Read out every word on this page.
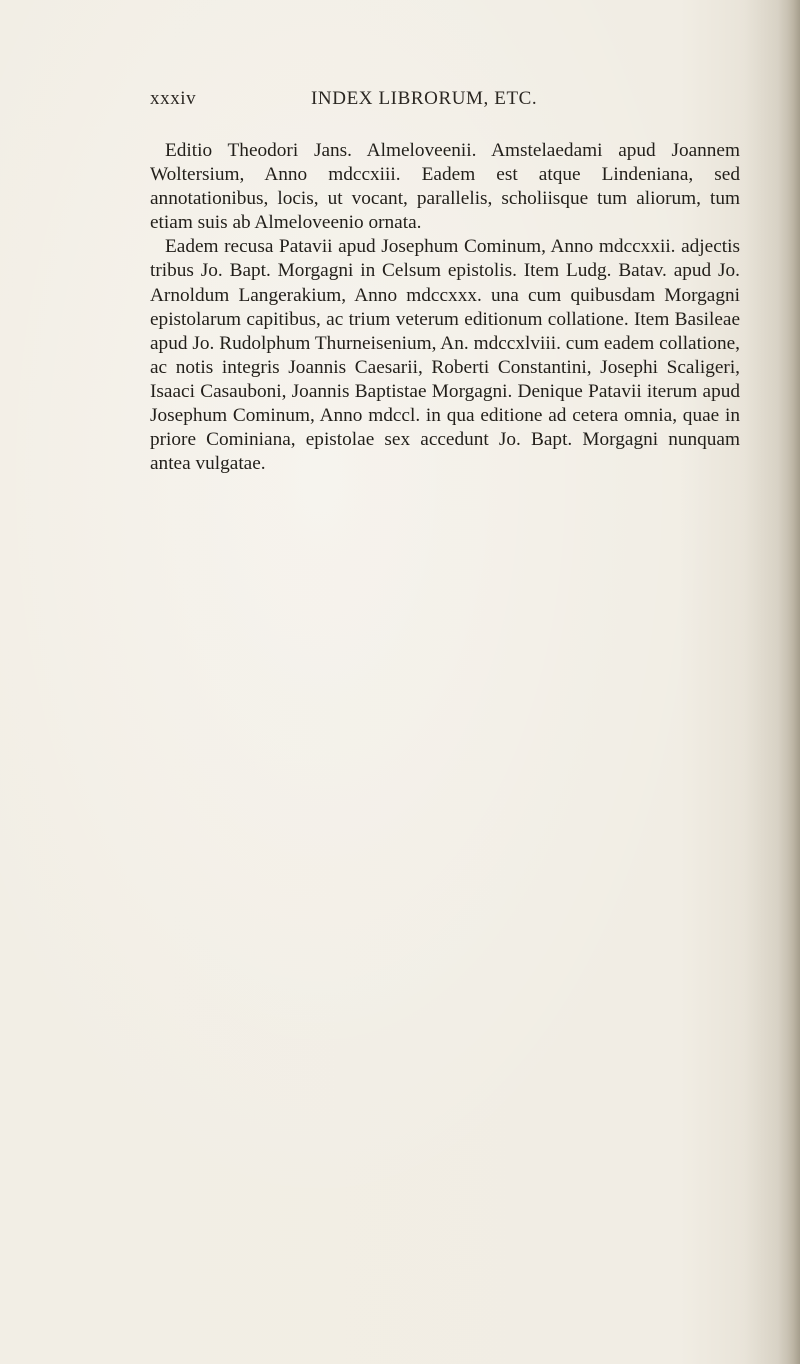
xxxiv	INDEX LIBRORUM, ETC.

Editio Theodori Jans. Almeloveenii. Amstelaedami apud Joannem Woltersium, Anno mdccxiii. Eadem est atque Lindeniana, sed annotationibus, locis, ut vocant, parallelis, scholiisque tum aliorum, tum etiam suis ab Almeloveenio ornata.

Eadem recusa Patavii apud Josephum Cominum, Anno mdccxxii. adjectis tribus Jo. Bapt. Morgagni in Celsum epistolis. Item Ludg. Batav. apud Jo. Arnoldum Langerakium, Anno mdccxxx. una cum quibusdam Morgagni epistolarum capitibus, ac trium veterum editionum collatione. Item Basileae apud Jo. Rudolphum Thurneisenium, An. mdccxlviii. cum eadem collatione, ac notis integris Joannis Caesarii, Roberti Constantini, Josephi Scaligeri, Isaaci Casauboni, Joannis Baptistae Morgagni. Denique Patavii iterum apud Josephum Cominum, Anno mdccl. in qua editione ad cetera omnia, quae in priore Cominiana, epistolae sex accedunt Jo. Bapt. Morgagni nunquam antea vulgatae.
